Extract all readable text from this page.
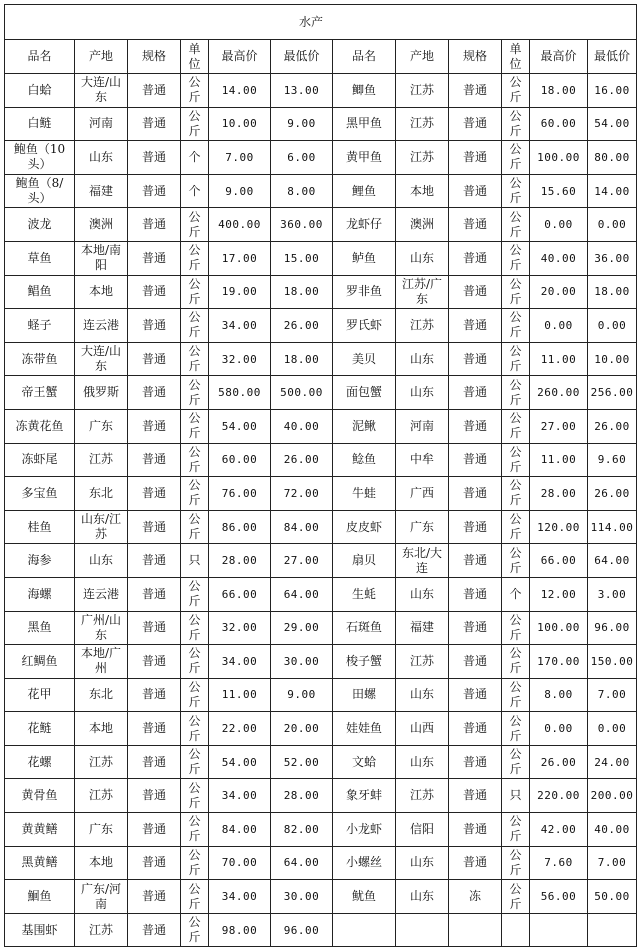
水产											
品名	产地	规格	单位	最高价	最低价	品名	产地	规格	单位	最高价	最低价
白蛤	大连/山东	普通	公斤	14.00	13.00	鲫鱼	江苏	普通	公斤	18.00	16.00
白鲢	河南	普通	公斤	10.00	9.00	黑甲鱼	江苏	普通	公斤	60.00	54.00
鲍鱼（10头）	山东	普通	个	7.00	6.00	黄甲鱼	江苏	普通	公斤	100.00	80.00
鲍鱼（8/头）	福建	普通	个	9.00	8.00	鲤鱼	本地	普通	公斤	15.60	14.00
波龙	澳洲	普通	公斤	400.00	360.00	龙虾仔	澳洲	普通	公斤	0.00	0.00
草鱼	本地/南阳	普通	公斤	17.00	15.00	鲈鱼	山东	普通	公斤	40.00	36.00
鲳鱼	本地	普通	公斤	19.00	18.00	罗非鱼	江苏/广东	普通	公斤	20.00	18.00
蛏子	连云港	普通	公斤	34.00	26.00	罗氏虾	江苏	普通	公斤	0.00	0.00
冻带鱼	大连/山东	普通	公斤	32.00	18.00	美贝	山东	普通	公斤	11.00	10.00
帝王蟹	俄罗斯	普通	公斤	580.00	500.00	面包蟹	山东	普通	公斤	260.00	256.00
冻黄花鱼	广东	普通	公斤	54.00	40.00	泥鳅	河南	普通	公斤	27.00	26.00
冻虾尾	江苏	普通	公斤	60.00	26.00	鲶鱼	中牟	普通	公斤	11.00	9.60
多宝鱼	东北	普通	公斤	76.00	72.00	牛蛙	广西	普通	公斤	28.00	26.00
桂鱼	山东/江苏	普通	公斤	86.00	84.00	皮皮虾	广东	普通	公斤	120.00	114.00
海参	山东	普通	只	28.00	27.00	扇贝	东北/大连	普通	公斤	66.00	64.00
海螺	连云港	普通	公斤	66.00	64.00	生蚝	山东	普通	个	12.00	3.00
黑鱼	广州/山东	普通	公斤	32.00	29.00	石斑鱼	福建	普通	公斤	100.00	96.00
红鲷鱼	本地/广州	普通	公斤	34.00	30.00	梭子蟹	江苏	普通	公斤	170.00	150.00
花甲	东北	普通	公斤	11.00	9.00	田螺	山东	普通	公斤	8.00	7.00
花鲢	本地	普通	公斤	22.00	20.00	娃娃鱼	山西	普通	公斤	0.00	0.00
花螺	江苏	普通	公斤	54.00	52.00	文蛤	山东	普通	公斤	26.00	24.00
黄骨鱼	江苏	普通	公斤	34.00	28.00	象牙蚌	江苏	普通	只	220.00	200.00
黄黄鳝	广东	普通	公斤	84.00	82.00	小龙虾	信阳	普通	公斤	42.00	40.00
黑黄鳝	本地	普通	公斤	70.00	64.00	小螺丝	山东	普通	公斤	7.60	7.00
鮰鱼	广东/河南	普通	公斤	34.00	30.00	鱿鱼	山东	冻	公斤	56.00	50.00
基围虾	江苏	普通	公斤	98.00	96.00						
